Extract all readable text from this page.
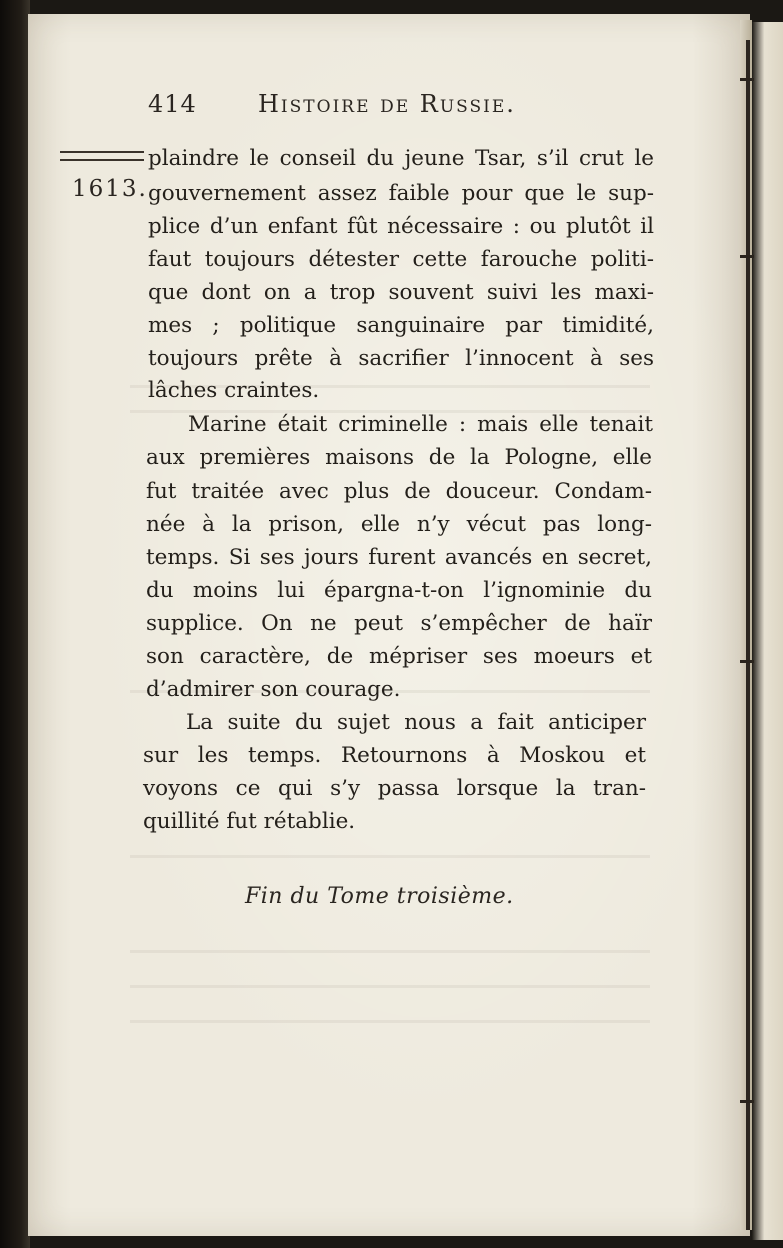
414	Histoire de Russie.
1613.
plaindre le conseil du jeune Tsar, s’il crut le
gouvernement assez faible pour que le sup-
plice d’un enfant fût nécessaire : ou plutôt il
faut toujours détester cette farouche politi-
que dont on a trop souvent suivi les maxi-
mes ; politique sanguinaire par timidité,
toujours prête à sacrifier l’innocent à ses
lâches craintes.
Marine était criminelle : mais elle tenait
aux premières maisons de la Pologne, elle
fut traitée avec plus de douceur. Condam-
née à la prison, elle n’y vécut pas long-
temps. Si ses jours furent avancés en secret,
du moins lui épargna-t-on l’ignominie du
supplice. On ne peut s’empêcher de haïr
son caractère, de mépriser ses moeurs et
d’admirer son courage.
La suite du sujet nous a fait anticiper
sur les temps. Retournons à Moskou et
voyons ce qui s’y passa lorsque la tran-
quillité fut rétablie.
Fin du Tome troisième.
